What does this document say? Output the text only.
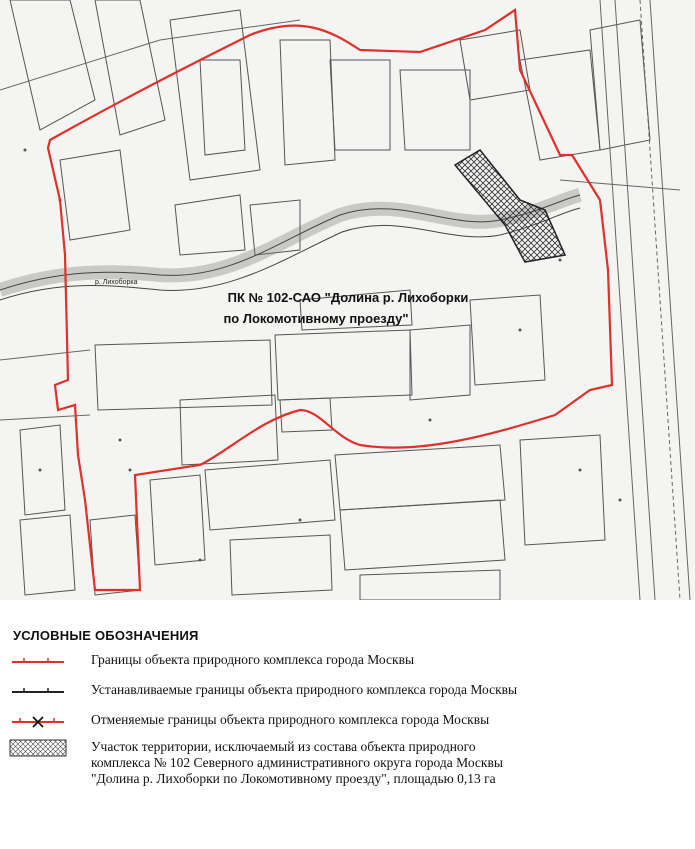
р. Лихоборка
ПК № 102-САО "Долина р. Лихоборки
по Локомотивному проезду"
УСЛОВНЫЕ ОБОЗНАЧЕНИЯ
Границы объекта природного комплекса города Москвы
Устанавливаемые границы объекта природного комплекса города Москвы
Отменяемые границы объекта природного комплекса города Москвы
Участок территории, исключаемый из состава объекта природного
комплекса № 102 Северного административного округа города Москвы
"Долина р. Лихоборки по Локомотивному проезду", площадью 0,13 га
